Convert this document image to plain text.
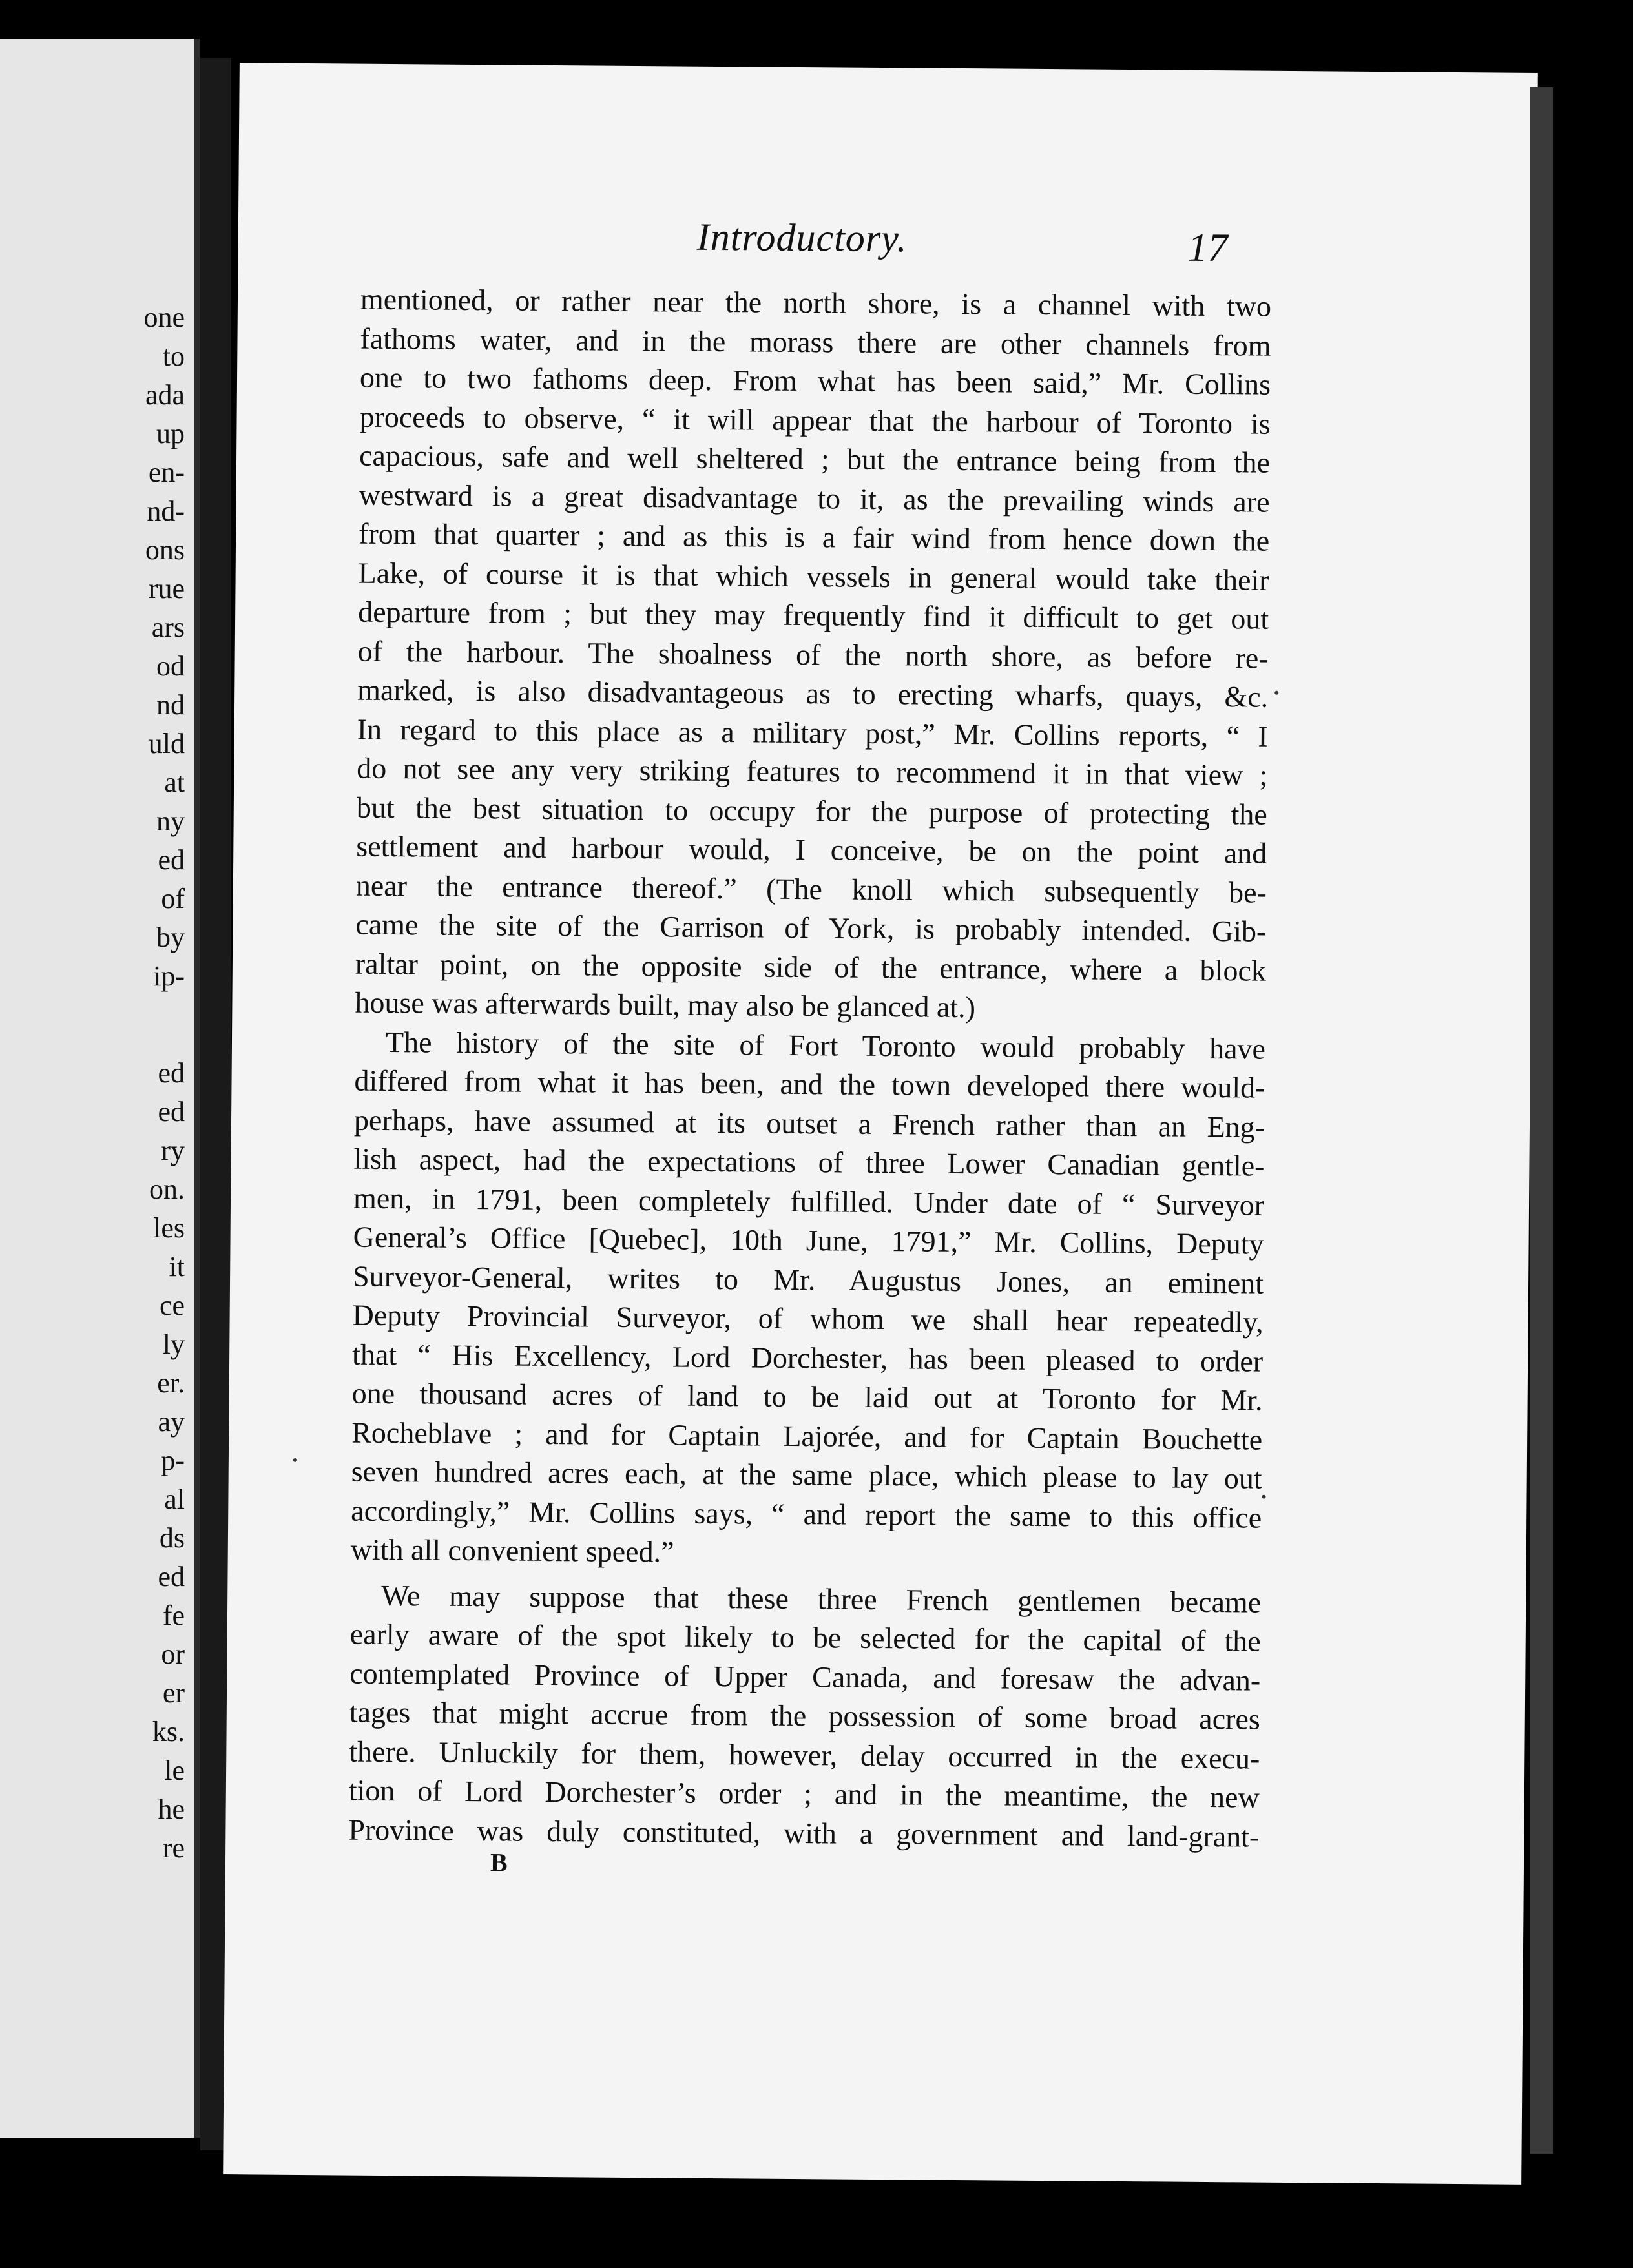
one
to
ada
up
en-
nd-
ons
rue
ars
od
nd
uld
at
ny
ed
of
by
ip-
ed
ed
ry
on.
les
it
ce
ly
er.
ay
p-
al
ds
ed
fe
or
er
ks.
le
he
re
Introductory.	17
mentioned, or rather near the north shore, is a channel with two
fathoms water, and in the morass there are other channels from
one to two fathoms deep. From what has been said,” Mr. Collins
proceeds to observe, “ it will appear that the harbour of Toronto is
capacious, safe and well sheltered ; but the entrance being from the
westward is a great disadvantage to it, as the prevailing winds are
from that quarter ; and as this is a fair wind from hence down the
Lake, of course it is that which vessels in general would take their
departure from ; but they may frequently find it difficult to get out
of the harbour. The shoalness of the north shore, as before re-
marked, is also disadvantageous as to erecting wharfs, quays, &c.
In regard to this place as a military post,” Mr. Collins reports, “ I
do not see any very striking features to recommend it in that view ;
but the best situation to occupy for the purpose of protecting the
settlement and harbour would, I conceive, be on the point and
near the entrance thereof.” (The knoll which subsequently be-
came the site of the Garrison of York, is probably intended. Gib-
raltar point, on the opposite side of the entrance, where a block
house was afterwards built, may also be glanced at.)
The history of the site of Fort Toronto would probably have
differed from what it has been, and the town developed there would-
perhaps, have assumed at its outset a French rather than an Eng-
lish aspect, had the expectations of three Lower Canadian gentle-
men, in 1791, been completely fulfilled. Under date of “ Surveyor
General’s Office [Quebec], 10th June, 1791,” Mr. Collins, Deputy
Surveyor-General, writes to Mr. Augustus Jones, an eminent
Deputy Provincial Surveyor, of whom we shall hear repeatedly,
that “ His Excellency, Lord Dorchester, has been pleased to order
one thousand acres of land to be laid out at Toronto for Mr.
Rocheblave ; and for Captain Lajorée, and for Captain Bouchette
seven hundred acres each, at the same place, which please to lay out
accordingly,” Mr. Collins says, “ and report the same to this office
with all convenient speed.”
We may suppose that these three French gentlemen became
early aware of the spot likely to be selected for the capital of the
contemplated Province of Upper Canada, and foresaw the advan-
tages that might accrue from the possession of some broad acres
there. Unluckily for them, however, delay occurred in the execu-
tion of Lord Dorchester’s order ; and in the meantime, the new
Province was duly constituted, with a government and land-grant-
B
